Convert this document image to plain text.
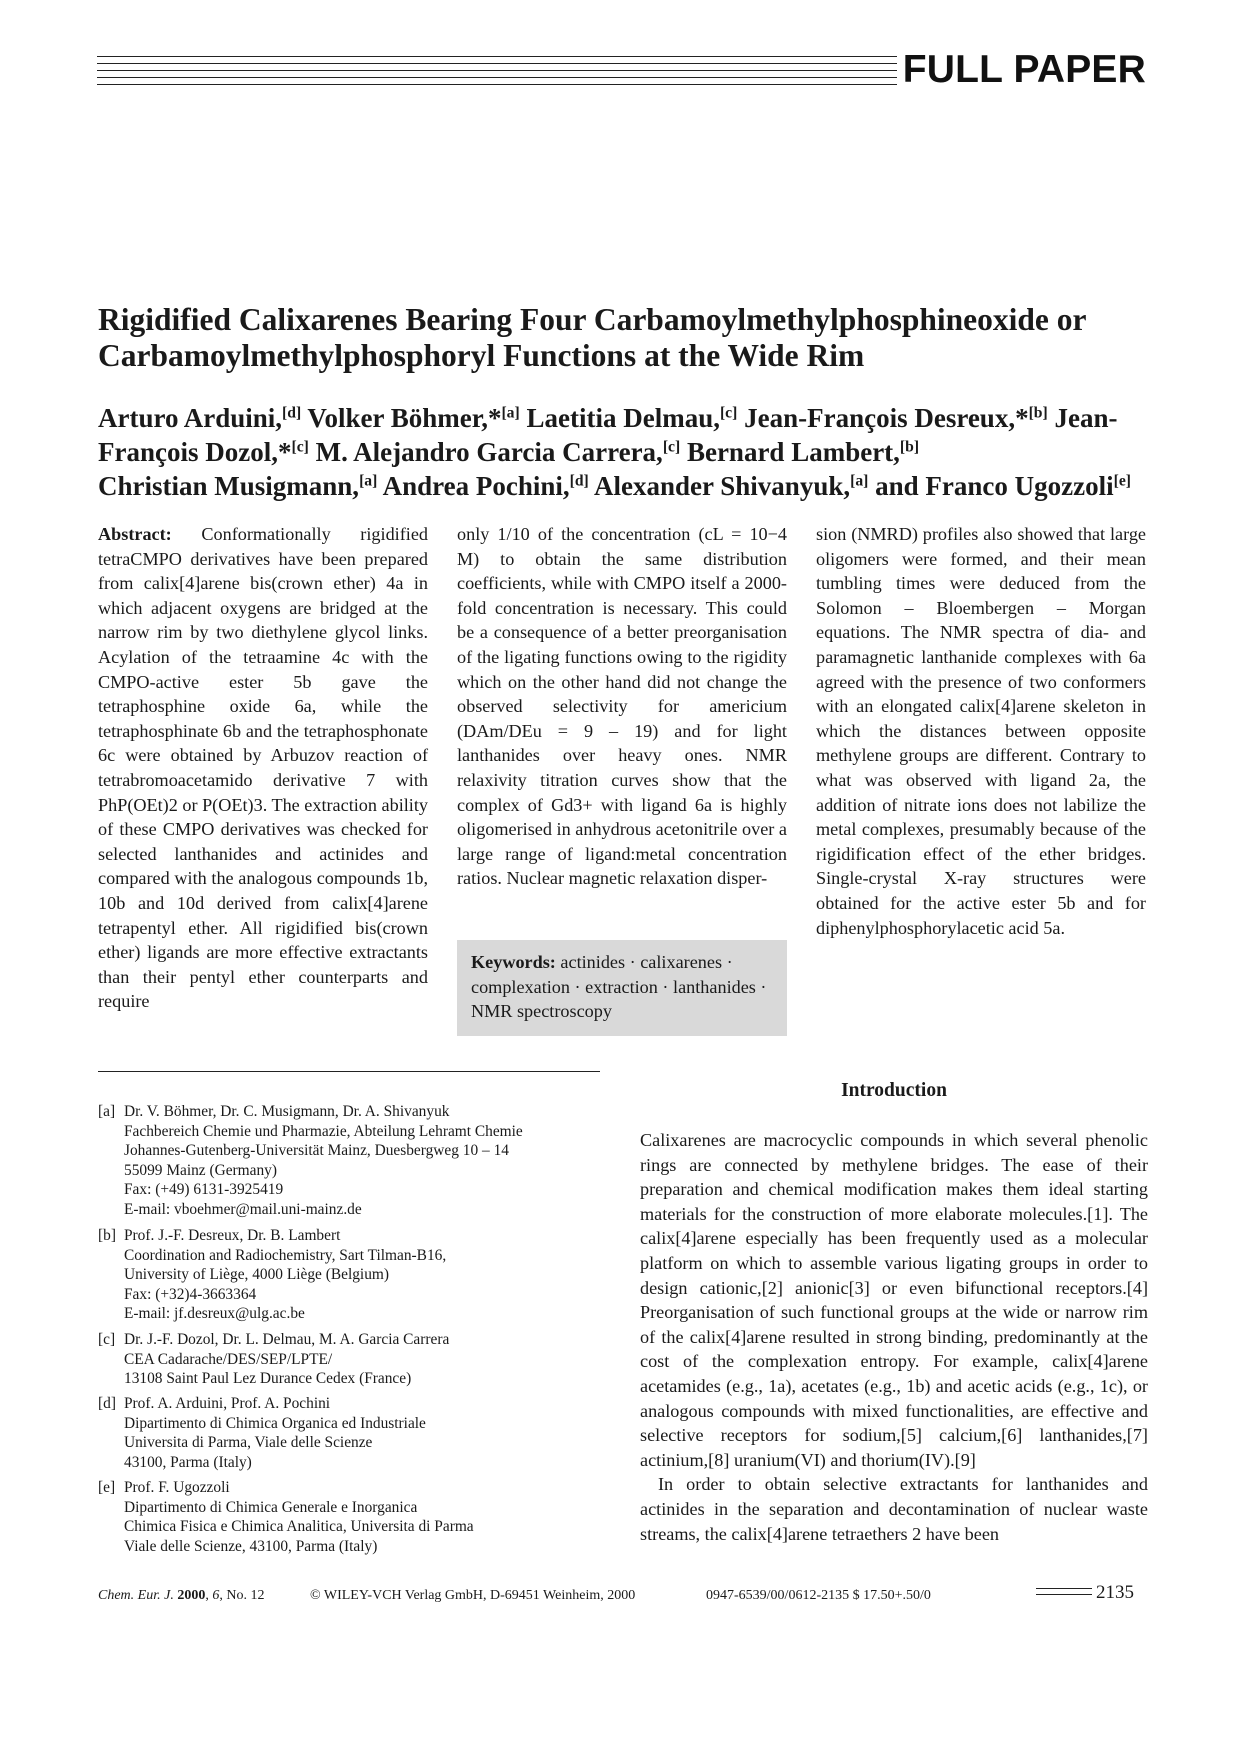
FULL PAPER
Rigidified Calixarenes Bearing Four Carbamoylmethylphosphineoxide or
Carbamoylmethylphosphoryl Functions at the Wide Rim
Arturo Arduini,[d] Volker Böhmer,*[a] Laetitia Delmau,[c] Jean-François Desreux,*[b] Jean-François Dozol,*[c] M. Alejandro Garcia Carrera,[c] Bernard Lambert,[b]
Christian Musigmann,[a] Andrea Pochini,[d] Alexander Shivanyuk,[a] and Franco Ugozzoli[e]

Abstract: Conformationally rigidified tetraCMPO derivatives have been prepared from calix[4]arene bis(crown ether) 4a in which adjacent oxygens are bridged at the narrow rim by two diethylene glycol links. Acylation of the tetraamine 4c with the CMPO-active ester 5b gave the tetraphosphine oxide 6a, while the tetraphosphinate 6b and the tetraphosphonate 6c were obtained by Arbuzov reaction of tetrabromoacetamido derivative 7 with PhP(OEt)2 or P(OEt)3. The extraction ability of these CMPO derivatives was checked for selected lanthanides and actinides and compared with the analogous compounds 1b, 10b and 10d derived from calix[4]arene tetrapentyl ether. All rigidified bis(crown ether) ligands are more effective extractants than their pentyl ether counterparts and require

only 1/10 of the concentration (cL = 10−4 M) to obtain the same distribution coefficients, while with CMPO itself a 2000-fold concentration is necessary. This could be a consequence of a better preorganisation of the ligating functions owing to the rigidity which on the other hand did not change the observed selectivity for americium (DAm/DEu = 9 – 19) and for light lanthanides over heavy ones. NMR relaxivity titration curves show that the complex of Gd3+ with ligand 6a is highly oligomerised in anhydrous acetonitrile over a large range of ligand:metal concentration ratios. Nuclear magnetic relaxation disper-

sion (NMRD) profiles also showed that large oligomers were formed, and their mean tumbling times were deduced from the Solomon – Bloembergen – Morgan equations. The NMR spectra of dia- and paramagnetic lanthanide complexes with 6a agreed with the presence of two conformers with an elongated calix[4]arene skeleton in which the distances between opposite methylene groups are different. Contrary to what was observed with ligand 2a, the addition of nitrate ions does not labilize the metal complexes, presumably because of the rigidification effect of the ether bridges. Single-crystal X-ray structures were obtained for the active ester 5b and for diphenylphosphorylacetic acid 5a.

Keywords: actinides · calixarenes · complexation · extraction · lanthanides · NMR spectroscopy
[a] Dr. V. Böhmer, Dr. C. Musigmann, Dr. A. Shivanyuk
Fachbereich Chemie und Pharmazie, Abteilung Lehramt Chemie
Johannes-Gutenberg-Universität Mainz, Duesbergweg 10 – 14
55099 Mainz (Germany)
Fax: (+49) 6131-3925419
E-mail: vboehmer@mail.uni-mainz.de
[b] Prof. J.-F. Desreux, Dr. B. Lambert
Coordination and Radiochemistry, Sart Tilman-B16,
University of Liège, 4000 Liège (Belgium)
Fax: (+32)4-3663364
E-mail: jf.desreux@ulg.ac.be
[c] Dr. J.-F. Dozol, Dr. L. Delmau, M. A. Garcia Carrera
CEA Cadarache/DES/SEP/LPTE/
13108 Saint Paul Lez Durance Cedex (France)
[d] Prof. A. Arduini, Prof. A. Pochini
Dipartimento di Chimica Organica ed Industriale
Universita di Parma, Viale delle Scienze
43100, Parma (Italy)
[e] Prof. F. Ugozzoli
Dipartimento di Chimica Generale e Inorganica
Chimica Fisica e Chimica Analitica, Universita di Parma
Viale delle Scienze, 43100, Parma (Italy)
Introduction

Calixarenes are macrocyclic compounds in which several phenolic rings are connected by methylene bridges. The ease of their preparation and chemical modification makes them ideal starting materials for the construction of more elaborate molecules.[1]. The calix[4]arene especially has been frequently used as a molecular platform on which to assemble various ligating groups in order to design cationic,[2] anionic[3] or even bifunctional receptors.[4] Preorganisation of such functional groups at the wide or narrow rim of the calix[4]arene resulted in strong binding, predominantly at the cost of the complexation entropy. For example, calix[4]arene acetamides (e.g., 1a), acetates (e.g., 1b) and acetic acids (e.g., 1c), or analogous compounds with mixed functionalities, are effective and selective receptors for sodium,[5] calcium,[6] lanthanides,[7] actinium,[8] uranium(VI) and thorium(IV).[9]

In order to obtain selective extractants for lanthanides and actinides in the separation and decontamination of nuclear waste streams, the calix[4]arene tetraethers 2 have been

Chem. Eur. J. 2000, 6, No. 12	© WILEY-VCH Verlag GmbH, D-69451 Weinheim, 2000	0947-6539/00/0612-2135 $ 17.50+.50/0	2135
